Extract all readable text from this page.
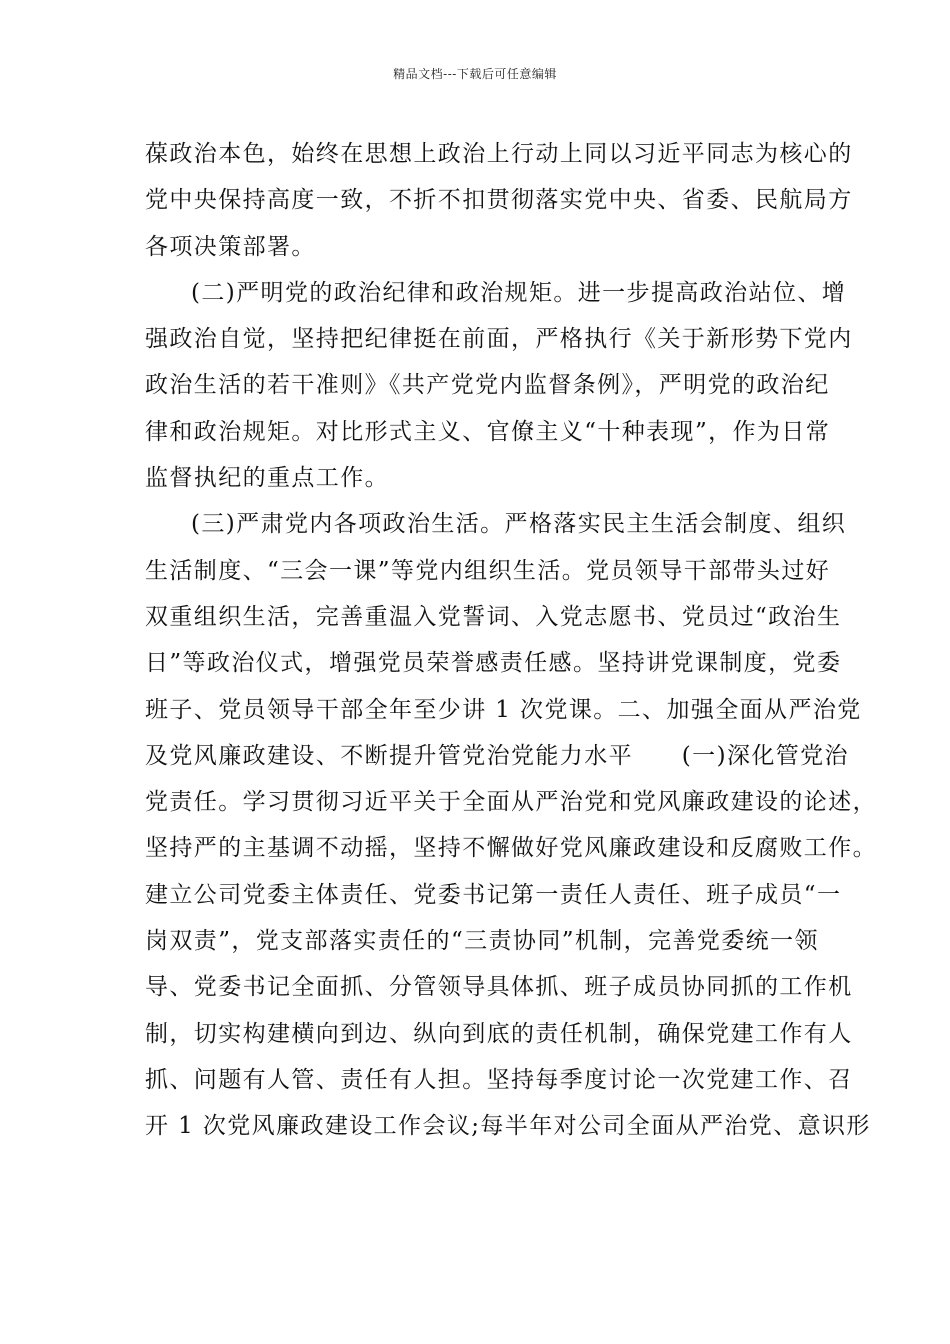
精品文档---下载后可任意编辑
葆政治本色，始终在思想上政治上行动上同以习近平同志为核心的
党中央保持高度一致，不折不扣贯彻落实党中央、省委、民航局方
各项决策部署。
(二)严明党的政治纪律和政治规矩。进一步提高政治站位、增
强政治自觉，坚持把纪律挺在前面，严格执行《关于新形势下党内
政治生活的若干准则》《共产党党内监督条例》，严明党的政治纪
律和政治规矩。对比形式主义、官僚主义“十种表现”，作为日常
监督执纪的重点工作。
(三)严肃党内各项政治生活。严格落实民主生活会制度、组织
生活制度、“三会一课”等党内组织生活。党员领导干部带头过好
双重组织生活，完善重温入党誓词、入党志愿书、党员过“政治生
日”等政治仪式，增强党员荣誉感责任感。坚持讲党课制度，党委
班子、党员领导干部全年至少讲 1 次党课。二、加强全面从严治党
及党风廉政建设、不断提升管党治党能力水平　　(一)深化管党治
党责任。学习贯彻习近平关于全面从严治党和党风廉政建设的论述，
坚持严的主基调不动摇，坚持不懈做好党风廉政建设和反腐败工作。
建立公司党委主体责任、党委书记第一责任人责任、班子成员“一
岗双责”，党支部落实责任的“三责协同”机制，完善党委统一领
导、党委书记全面抓、分管领导具体抓、班子成员协同抓的工作机
制，切实构建横向到边、纵向到底的责任机制，确保党建工作有人
抓、问题有人管、责任有人担。坚持每季度讨论一次党建工作、召
开 1 次党风廉政建设工作会议;每半年对公司全面从严治党、意识形
